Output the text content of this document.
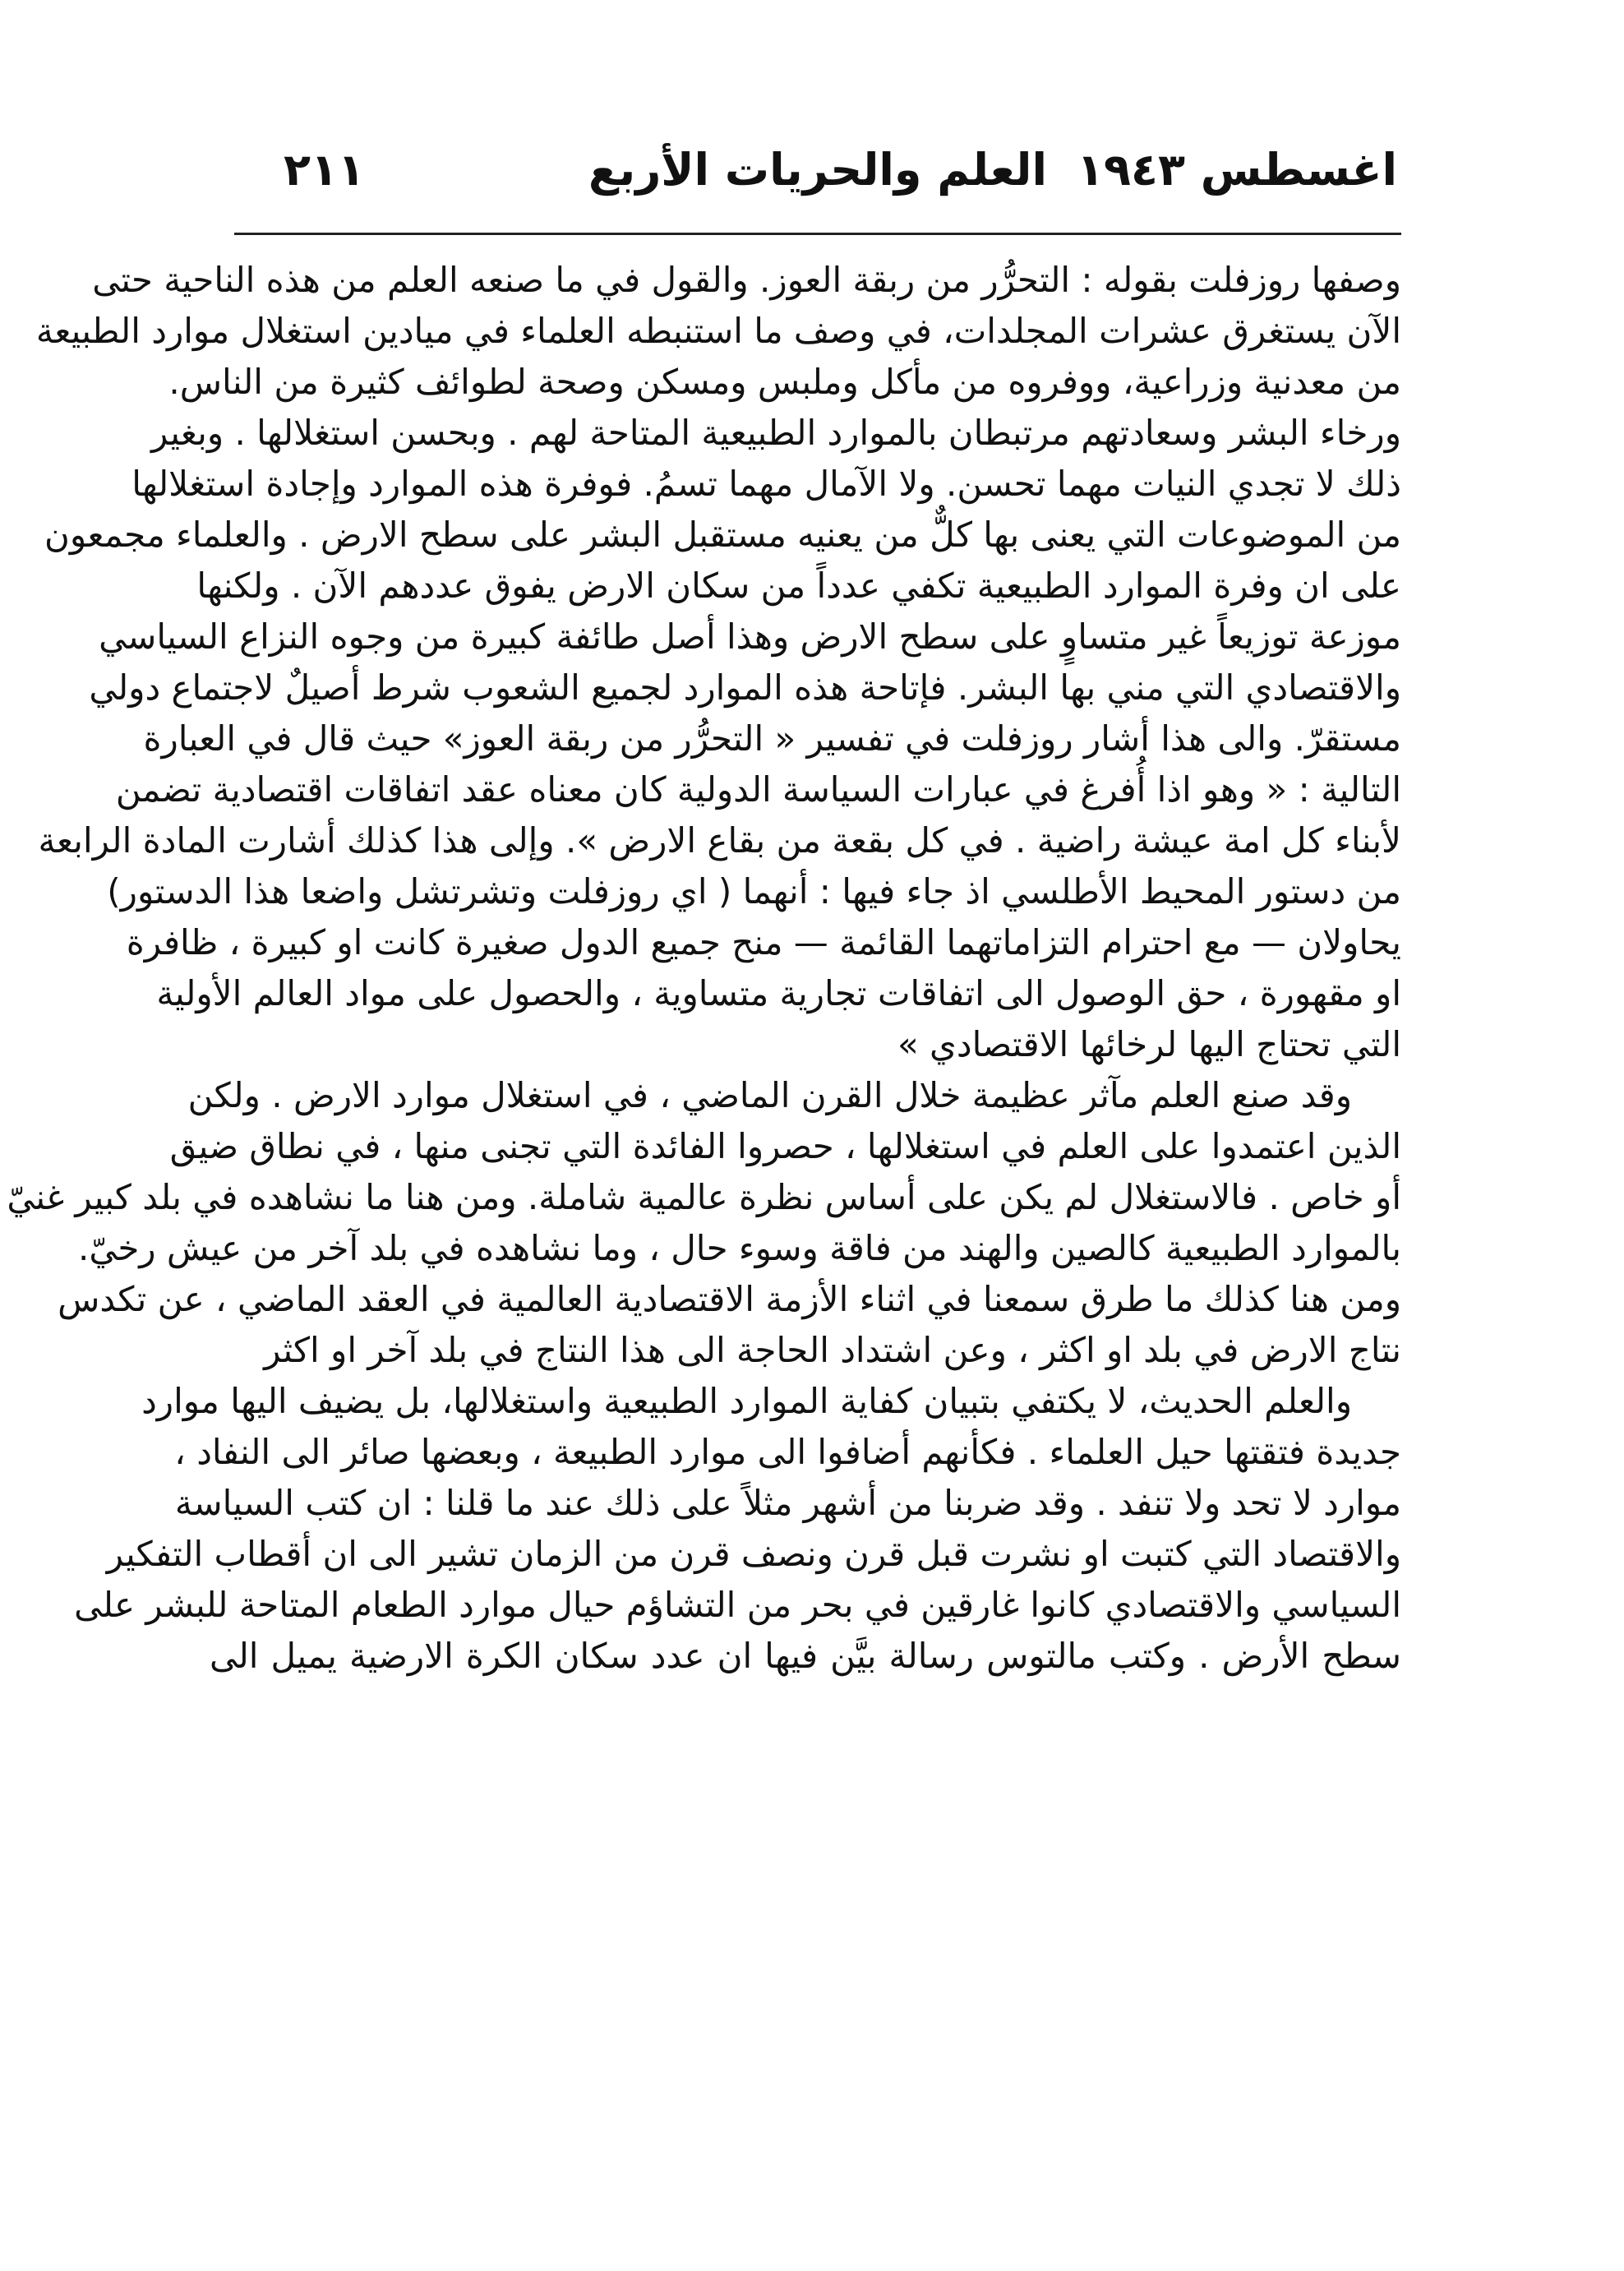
اغسطس ١٩٤٣
العلم والحريات الأربع
٢١١
وصفها روزفلت بقوله : التحرُّر من ربقة العوز. والقول في ما صنعه العلم من هذه الناحية حتى
الآن يستغرق عشرات المجلدات، في وصف ما استنبطه العلماء في ميادين استغلال موارد الطبيعة
من معدنية وزراعية، ووفروه من مأكل وملبس ومسكن وصحة لطوائف كثيرة من الناس.
ورخاء البشر وسعادتهم مرتبطان بالموارد الطبيعية المتاحة لهم . وبحسن استغلالها . وبغير
ذلك لا تجدي النيات مهما تحسن. ولا الآمال مهما تسمُ. فوفرة هذه الموارد وإجادة استغلالها
من الموضوعات التي يعنى بها كلٌّ من يعنيه مستقبل البشر على سطح الارض . والعلماء مجمعون
على ان وفرة الموارد الطبيعية تكفي عدداً من سكان الارض يفوق عددهم الآن . ولكنها
موزعة توزيعاً غير متساوٍ على سطح الارض وهذا أصل طائفة كبيرة من وجوه النزاع السياسي
والاقتصادي التي مني بها البشر. فإتاحة هذه الموارد لجميع الشعوب شرط أصيلٌ لاجتماع دولي
مستقرّ. والى هذا أشار روزفلت في تفسير « التحرُّر من ربقة العوز» حيث قال في العبارة
التالية : « وهو اذا أُفرغ في عبارات السياسة الدولية كان معناه عقد اتفاقات اقتصادية تضمن
لأبناء كل امة عيشة راضية . في كل بقعة من بقاع الارض ». وإلى هذا كذلك أشارت المادة الرابعة
من دستور المحيط الأطلسي اذ جاء فيها : أنهما ( اي روزفلت وتشرتشل واضعا هذا الدستور)
يحاولان — مع احترام التزاماتهما القائمة — منح جميع الدول صغيرة كانت او كبيرة ، ظافرة
او مقهورة ، حق الوصول الى اتفاقات تجارية متساوية ، والحصول على مواد العالم الأولية
التي تحتاج اليها لرخائها الاقتصادي »
وقد صنع العلم مآثر عظيمة خلال القرن الماضي ، في استغلال موارد الارض . ولكن
الذين اعتمدوا على العلم في استغلالها ، حصروا الفائدة التي تجنى منها ، في نطاق ضيق
أو خاص . فالاستغلال لم يكن على أساس نظرة عالمية شاملة. ومن هنا ما نشاهده في بلد كبير غنيّ
بالموارد الطبيعية كالصين والهند من فاقة وسوء حال ، وما نشاهده في بلد آخر من عيش رخيّ.
ومن هنا كذلك ما طرق سمعنا في اثناء الأزمة الاقتصادية العالمية في العقد الماضي ، عن تكدس
نتاج الارض في بلد او اكثر ، وعن اشتداد الحاجة الى هذا النتاج في بلد آخر او اكثر
والعلم الحديث، لا يكتفي بتبيان كفاية الموارد الطبيعية واستغلالها، بل يضيف اليها موارد
جديدة فتقتها حيل العلماء . فكأنهم أضافوا الى موارد الطبيعة ، وبعضها صائر الى النفاد ،
موارد لا تحد ولا تنفد . وقد ضربنا من أشهر مثلاً على ذلك عند ما قلنا : ان كتب السياسة
والاقتصاد التي كتبت او نشرت قبل قرن ونصف قرن من الزمان تشير الى ان أقطاب التفكير
السياسي والاقتصادي كانوا غارقين في بحر من التشاؤم حيال موارد الطعام المتاحة للبشر على
سطح الأرض . وكتب مالتوس رسالة بيَّن فيها ان عدد سكان الكرة الارضية يميل الى
